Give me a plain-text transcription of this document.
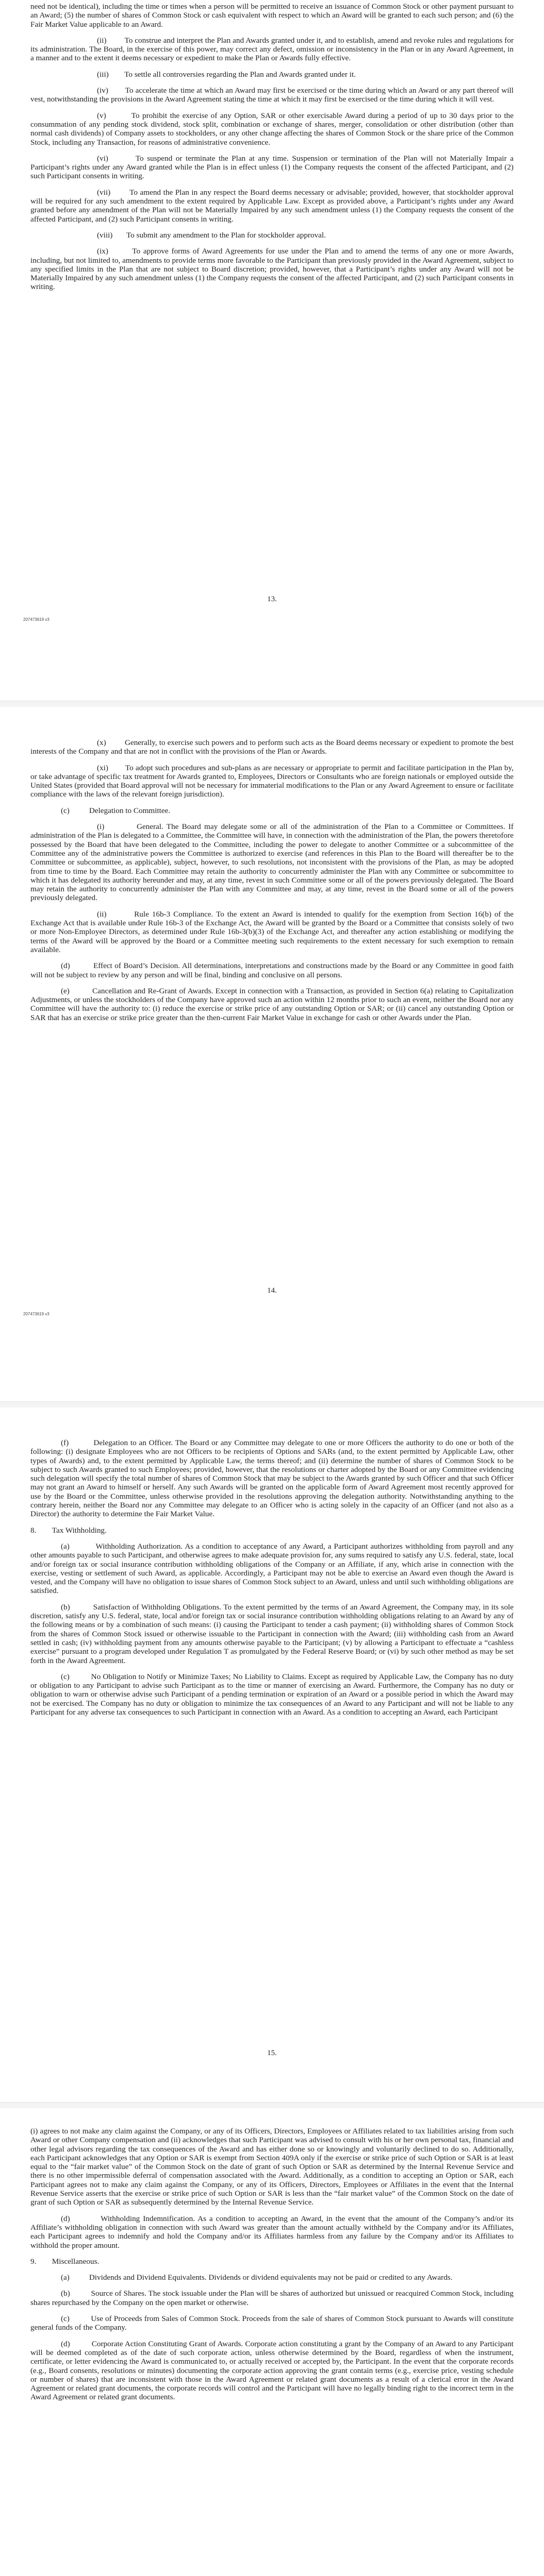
need not be identical), including the time or times when a person will be permitted to receive an issuance of Common Stock or other payment pursuant to an Award; (5) the number of shares of Common Stock or cash equivalent with respect to which an Award will be granted to each such person; and (6) the Fair Market Value applicable to an Award.

(ii)         To construe and interpret the Plan and Awards granted under it, and to establish, amend and revoke rules and regulations for its administration. The Board, in the exercise of this power, may correct any defect, omission or inconsistency in the Plan or in any Award Agreement, in a manner and to the extent it deems necessary or expedient to make the Plan or Awards fully effective.

(iii)        To settle all controversies regarding the Plan and Awards granted under it.

(iv)        To accelerate the time at which an Award may first be exercised or the time during which an Award or any part thereof will vest, notwithstanding the provisions in the Award Agreement stating the time at which it may first be exercised or the time during which it will vest.

(v)         To prohibit the exercise of any Option, SAR or other exercisable Award during a period of up to 30 days prior to the consummation of any pending stock dividend, stock split, combination or exchange of shares, merger, consolidation or other distribution (other than normal cash dividends) of Company assets to stockholders, or any other change affecting the shares of Common Stock or the share price of the Common Stock, including any Transaction, for reasons of administrative convenience.

(vi)        To suspend or terminate the Plan at any time. Suspension or termination of the Plan will not Materially Impair a Participant’s rights under any Award granted while the Plan is in effect unless (1) the Company requests the consent of the affected Participant, and (2) such Participant consents in writing.

(vii)        To amend the Plan in any respect the Board deems necessary or advisable; provided, however, that stockholder approval will be required for any such amendment to the extent required by Applicable Law. Except as provided above, a Participant’s rights under any Award granted before any amendment of the Plan will not be Materially Impaired by any such amendment unless (1) the Company requests the consent of the affected Participant, and (2) such Participant consents in writing.

(viii)       To submit any amendment to the Plan for stockholder approval.

(ix)        To approve forms of Award Agreements for use under the Plan and to amend the terms of any one or more Awards, including, but not limited to, amendments to provide terms more favorable to the Participant than previously provided in the Award Agreement, subject to any specified limits in the Plan that are not subject to Board discretion; provided, however, that a Participant’s rights under any Award will not be Materially Impaired by any such amendment unless (1) the Company requests the consent of the affected Participant, and (2) such Participant consents in writing.

13.
207473619 v3

(x)         Generally, to exercise such powers and to perform such acts as the Board deems necessary or expedient to promote the best interests of the Company and that are not in conflict with the provisions of the Plan or Awards.

(xi)        To adopt such procedures and sub-plans as are necessary or appropriate to permit and facilitate participation in the Plan by, or take advantage of specific tax treatment for Awards granted to, Employees, Directors or Consultants who are foreign nationals or employed outside the United States (provided that Board approval will not be necessary for immaterial modifications to the Plan or any Award Agreement to ensure or facilitate compliance with the laws of the relevant foreign jurisdiction).

(c)          Delegation to Committee.

(i)          General. The Board may delegate some or all of the administration of the Plan to a Committee or Committees. If administration of the Plan is delegated to a Committee, the Committee will have, in connection with the administration of the Plan, the powers theretofore possessed by the Board that have been delegated to the Committee, including the power to delegate to another Committee or a subcommittee of the Committee any of the administrative powers the Committee is authorized to exercise (and references in this Plan to the Board will thereafter be to the Committee or subcommittee, as applicable), subject, however, to such resolutions, not inconsistent with the provisions of the Plan, as may be adopted from time to time by the Board. Each Committee may retain the authority to concurrently administer the Plan with any Committee or subcommittee to which it has delegated its authority hereunder and may, at any time, revest in such Committee some or all of the powers previously delegated. The Board may retain the authority to concurrently administer the Plan with any Committee and may, at any time, revest in the Board some or all of the powers previously delegated.

(ii)         Rule 16b-3 Compliance. To the extent an Award is intended to qualify for the exemption from Section 16(b) of the Exchange Act that is available under Rule 16b-3 of the Exchange Act, the Award will be granted by the Board or a Committee that consists solely of two or more Non-Employee Directors, as determined under Rule 16b-3(b)(3) of the Exchange Act, and thereafter any action establishing or modifying the terms of the Award will be approved by the Board or a Committee meeting such requirements to the extent necessary for such exemption to remain available.

(d)          Effect of Board’s Decision. All determinations, interpretations and constructions made by the Board or any Committee in good faith will not be subject to review by any person and will be final, binding and conclusive on all persons.

(e)          Cancellation and Re-Grant of Awards. Except in connection with a Transaction, as provided in Section 6(a) relating to Capitalization Adjustments, or unless the stockholders of the Company have approved such an action within 12 months prior to such an event, neither the Board nor any Committee will have the authority to: (i) reduce the exercise or strike price of any outstanding Option or SAR; or (ii) cancel any outstanding Option or SAR that has an exercise or strike price greater than the then-current Fair Market Value in exchange for cash or other Awards under the Plan.

14.
207473619 v3

(f)          Delegation to an Officer. The Board or any Committee may delegate to one or more Officers the authority to do one or both of the following: (i) designate Employees who are not Officers to be recipients of Options and SARs (and, to the extent permitted by Applicable Law, other types of Awards) and, to the extent permitted by Applicable Law, the terms thereof; and (ii) determine the number of shares of Common Stock to be subject to such Awards granted to such Employees; provided, however, that the resolutions or charter adopted by the Board or any Committee evidencing such delegation will specify the total number of shares of Common Stock that may be subject to the Awards granted by such Officer and that such Officer may not grant an Award to himself or herself. Any such Awards will be granted on the applicable form of Award Agreement most recently approved for use by the Board or the Committee, unless otherwise provided in the resolutions approving the delegation authority. Notwithstanding anything to the contrary herein, neither the Board nor any Committee may delegate to an Officer who is acting solely in the capacity of an Officer (and not also as a Director) the authority to determine the Fair Market Value.

8.        Tax Withholding.

(a)          Withholding Authorization. As a condition to acceptance of any Award, a Participant authorizes withholding from payroll and any other amounts payable to such Participant, and otherwise agrees to make adequate provision for, any sums required to satisfy any U.S. federal, state, local and/or foreign tax or social insurance contribution withholding obligations of the Company or an Affiliate, if any, which arise in connection with the exercise, vesting or settlement of such Award, as applicable. Accordingly, a Participant may not be able to exercise an Award even though the Award is vested, and the Company will have no obligation to issue shares of Common Stock subject to an Award, unless and until such withholding obligations are satisfied.

(b)          Satisfaction of Withholding Obligations. To the extent permitted by the terms of an Award Agreement, the Company may, in its sole discretion, satisfy any U.S. federal, state, local and/or foreign tax or social insurance contribution withholding obligations relating to an Award by any of the following means or by a combination of such means: (i) causing the Participant to tender a cash payment; (ii) withholding shares of Common Stock from the shares of Common Stock issued or otherwise issuable to the Participant in connection with the Award; (iii) withholding cash from an Award settled in cash; (iv) withholding payment from any amounts otherwise payable to the Participant; (v) by allowing a Participant to effectuate a “cashless exercise” pursuant to a program developed under Regulation T as promulgated by the Federal Reserve Board; or (vi) by such other method as may be set forth in the Award Agreement.

(c)          No Obligation to Notify or Minimize Taxes; No Liability to Claims. Except as required by Applicable Law, the Company has no duty or obligation to any Participant to advise such Participant as to the time or manner of exercising an Award. Furthermore, the Company has no duty or obligation to warn or otherwise advise such Participant of a pending termination or expiration of an Award or a possible period in which the Award may not be exercised. The Company has no duty or obligation to minimize the tax consequences of an Award to any Participant and will not be liable to any Participant for any adverse tax consequences to such Participant in connection with an Award. As a condition to accepting an Award, each Participant

15.

(i) agrees to not make any claim against the Company, or any of its Officers, Directors, Employees or Affiliates related to tax liabilities arising from such Award or other Company compensation and (ii) acknowledges that such Participant was advised to consult with his or her own personal tax, financial and other legal advisors regarding the tax consequences of the Award and has either done so or knowingly and voluntarily declined to do so. Additionally, each Participant acknowledges that any Option or SAR is exempt from Section 409A only if the exercise or strike price of such Option or SAR is at least equal to the “fair market value” of the Common Stock on the date of grant of such Option or SAR as determined by the Internal Revenue Service and there is no other impermissible deferral of compensation associated with the Award. Additionally, as a condition to accepting an Option or SAR, each Participant agrees not to make any claim against the Company, or any of its Officers, Directors, Employees or Affiliates in the event that the Internal Revenue Service asserts that the exercise or strike price of such Option or SAR is less than the “fair market value” of the Common Stock on the date of grant of such Option or SAR as subsequently determined by the Internal Revenue Service.

(d)          Withholding Indemnification. As a condition to accepting an Award, in the event that the amount of the Company’s and/or its Affiliate’s withholding obligation in connection with such Award was greater than the amount actually withheld by the Company and/or its Affiliates, each Participant agrees to indemnify and hold the Company and/or its Affiliates harmless from any failure by the Company and/or its Affiliates to withhold the proper amount.

9.        Miscellaneous.

(a)          Dividends and Dividend Equivalents. Dividends or dividend equivalents may not be paid or credited to any Awards.

(b)          Source of Shares. The stock issuable under the Plan will be shares of authorized but unissued or reacquired Common Stock, including shares repurchased by the Company on the open market or otherwise.

(c)          Use of Proceeds from Sales of Common Stock. Proceeds from the sale of shares of Common Stock pursuant to Awards will constitute general funds of the Company.

(d)          Corporate Action Constituting Grant of Awards. Corporate action constituting a grant by the Company of an Award to any Participant will be deemed completed as of the date of such corporate action, unless otherwise determined by the Board, regardless of when the instrument, certificate, or letter evidencing the Award is communicated to, or actually received or accepted by, the Participant. In the event that the corporate records (e.g., Board consents, resolutions or minutes) documenting the corporate action approving the grant contain terms (e.g., exercise price, vesting schedule or number of shares) that are inconsistent with those in the Award Agreement or related grant documents as a result of a clerical error in the Award Agreement or related grant documents, the corporate records will control and the Participant will have no legally binding right to the incorrect term in the Award Agreement or related grant documents.
